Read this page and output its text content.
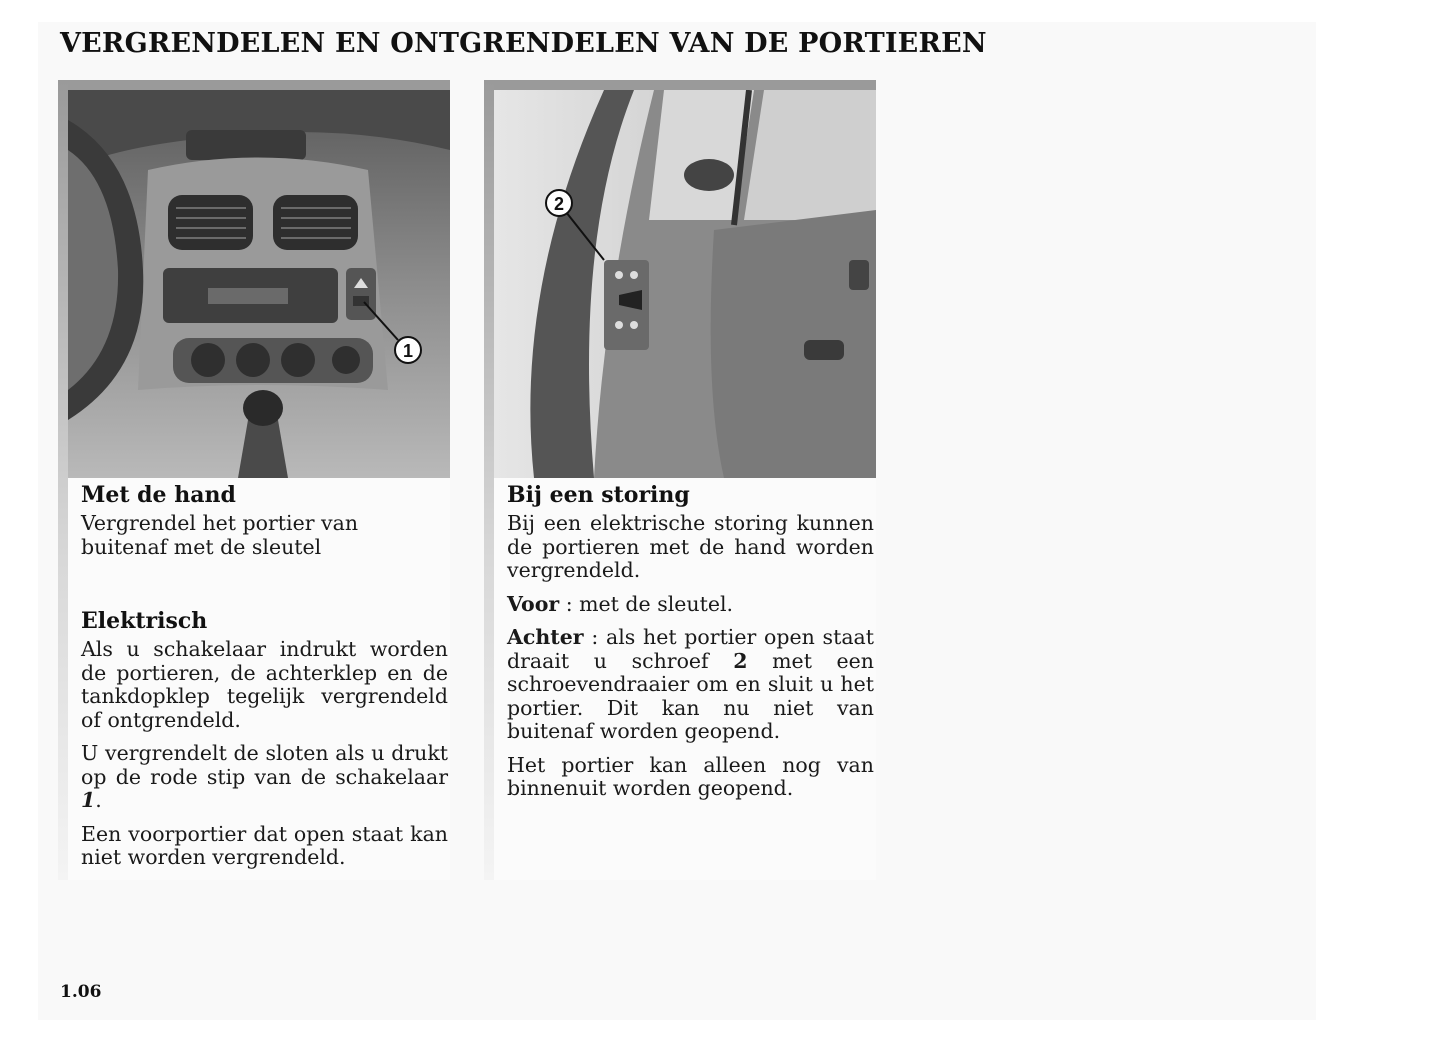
VERGRENDELEN EN ONTGRENDELEN VAN DE PORTIEREN
1

Met de hand

Vergrendel het portier van buitenaf met de sleutel

Elektrisch

Als u schakelaar indrukt worden de portieren, de achterklep en de tankdopklep tegelijk vergrendeld of ontgrendeld.

U vergrendelt de sloten als u drukt op de rode stip van de schakelaar 1.

Een voorportier dat open staat kan niet worden vergrendeld.

2

Bij een storing

Bij een elektrische storing kunnen de portieren met de hand worden vergrendeld.

Voor : met de sleutel.

Achter : als het portier open staat draait u schroef 2 met een schroevendraaier om en sluit u het portier. Dit kan nu niet van buitenaf worden geopend.

Het portier kan alleen nog van binnenuit worden geopend.

1.06
